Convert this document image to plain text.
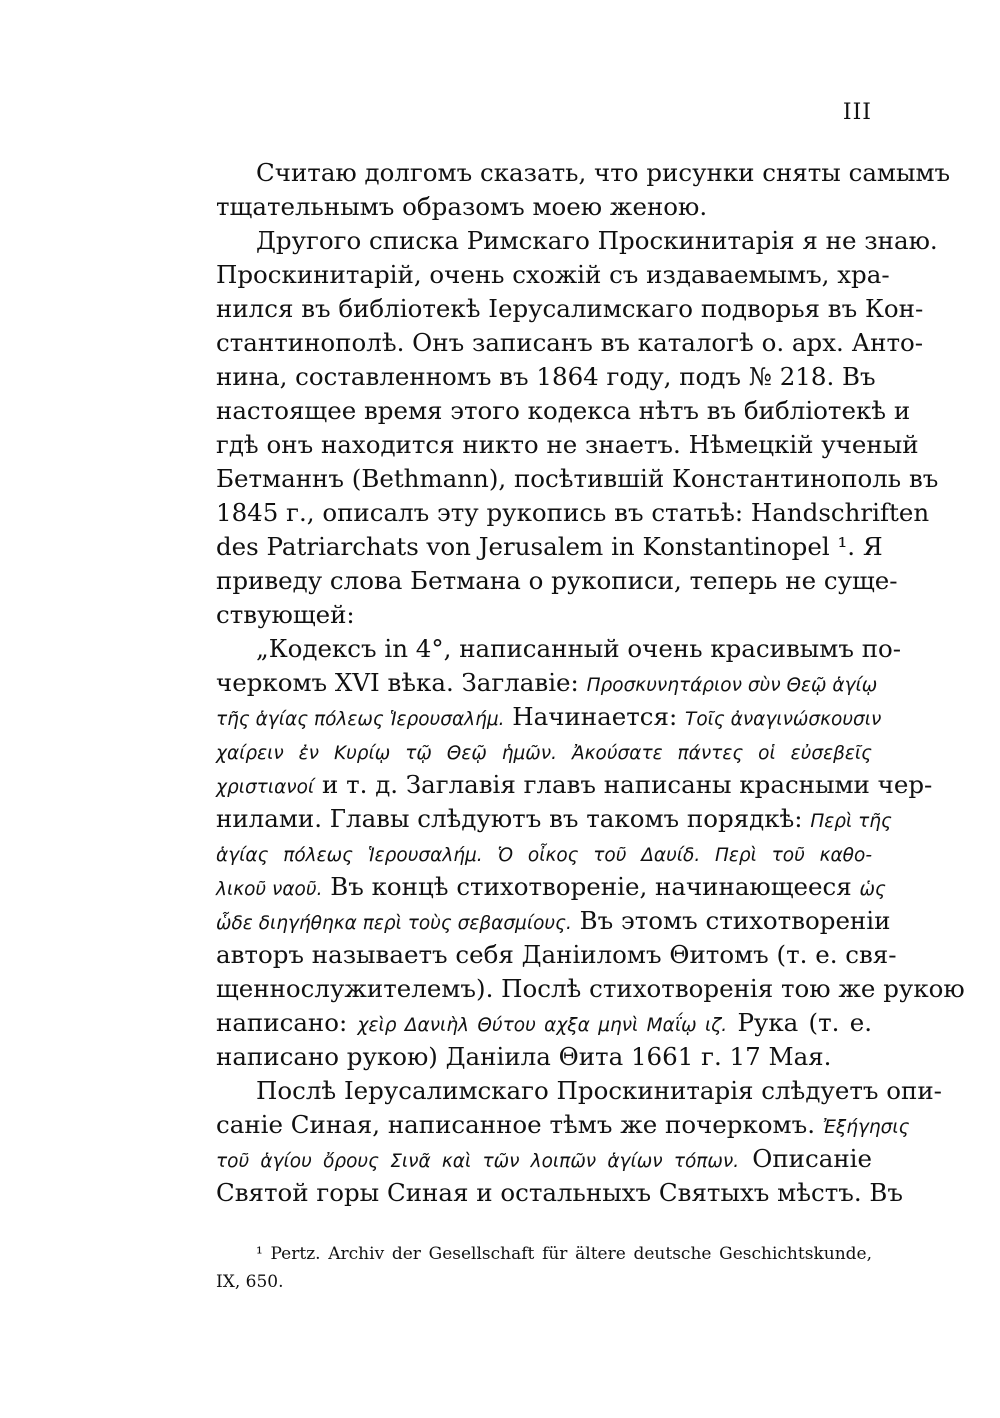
III
Считаю долгомъ сказать, что рисунки сняты самымъ
тщательнымъ образомъ моею женою.
Другого списка Римскаго Проскинитарія я не знаю.
Проскинитарій, очень схожій съ издаваемымъ, хра-
нился въ библіотекѣ Іерусалимскаго подворья въ Кон-
стантинополѣ. Онъ записанъ въ каталогѣ о. арх. Анто-
нина, составленномъ въ 1864 году, подъ № 218. Въ
настоящее время этого кодекса нѣтъ въ библіотекѣ и
гдѣ онъ находится никто не знаетъ. Нѣмецкій ученый
Бетманнъ (Bethmann), посѣтившій Константинополь въ
1845 г., описалъ эту рукопись въ статьѣ: Handschriften
des Patriarchats von Jerusalem in Konstantinopel ¹. Я
приведу слова Бетмана о рукописи, теперь не суще-
ствующей:
„Кодексъ in 4°, написанный очень красивымъ по-
черкомъ XVI вѣка. Заглавіе: Προσκυνητάριον σὺν Θεῷ ἁγίῳ
τῆς ἁγίας πόλεως Ἱερουσαλήμ. Начинается: Τοῖς ἀναγινώσκουσιν
χαίρειν ἐν Κυρίῳ τῷ Θεῷ ἡμῶν. Ἀκούσατε πάντες οἱ εὐσεβεῖς
χριστιανοί и т. д. Заглавія главъ написаны красными чер-
нилами. Главы слѣдуютъ въ такомъ порядкѣ: Περὶ τῆς
ἁγίας πόλεως Ἱερουσαλήμ. Ὁ οἶκος τοῦ Δαυίδ. Περὶ τοῦ καθο-
λικοῦ ναοῦ. Въ концѣ стихотвореніе, начинающееся ὡς
ὧδε διηγήθηκα περὶ τοὺς σεβασμίους. Въ этомъ стихотвореніи
авторъ называетъ себя Даніиломъ Θитомъ (т. е. свя-
щеннослужителемъ). Послѣ стихотворенія тою же рукою
написано: χεὶρ Δανιὴλ Θύτου αχξα μηνὶ Μαΐῳ ιζ. Рука (т. е.
написано рукою) Даніила Θита 1661 г. 17 Мая.
Послѣ Іерусалимскаго Проскинитарія слѣдуетъ опи-
саніе Синая, написанное тѣмъ же почеркомъ. Ἐξήγησις
τοῦ ἁγίου ὄρους Σινᾶ καὶ τῶν λοιπῶν ἁγίων τόπων. Описаніе
Святой горы Синая и остальныхъ Святыхъ мѣстъ. Въ
¹ Pertz. Archiv der Gesellschaft für ältere deutsche Geschichtskunde,
IX, 650.
